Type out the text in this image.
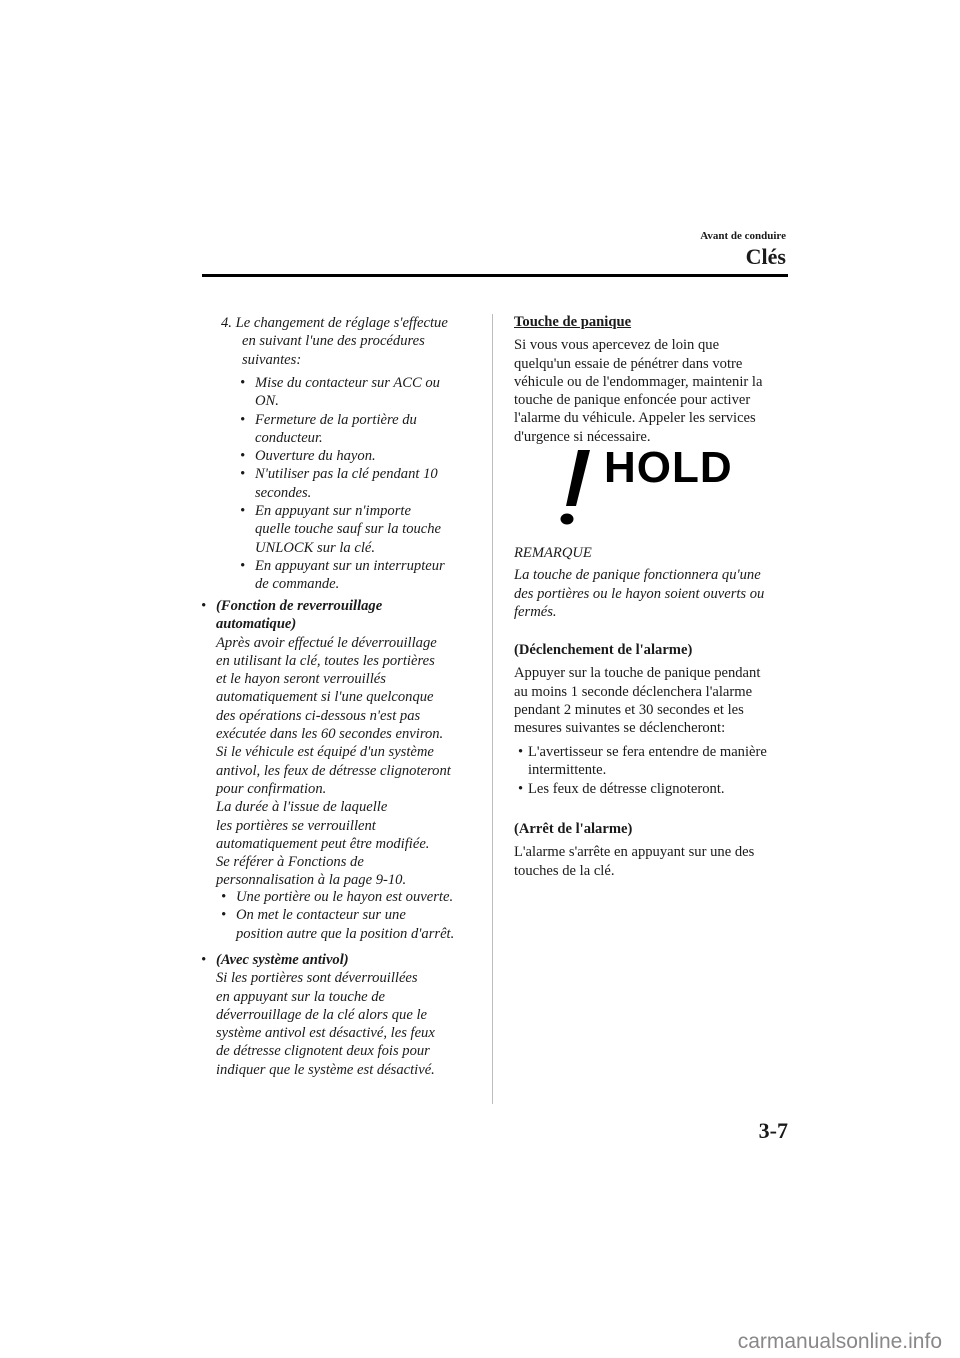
Avant de conduire
Clés

4. Le changement de réglage s'effectue

en suivant l'une des procédures

suivantes:

• Mise du contacteur sur ACC ou

ON.

• Fermeture de la portière du

conducteur.

• Ouverture du hayon.

• N'utiliser pas la clé pendant 10

secondes.

• En appuyant sur n'importe

quelle touche sauf sur la touche

UNLOCK sur la clé.

• En appuyant sur un interrupteur

de commande.

• (Fonction de reverrouillage

automatique)

Après avoir effectué le déverrouillage

en utilisant la clé, toutes les portières

et le hayon seront verrouillés

automatiquement si l'une quelconque

des opérations ci-dessous n'est pas

exécutée dans les 60 secondes environ.

Si le véhicule est équipé d'un système

antivol, les feux de détresse clignoteront

pour confirmation.

La durée à l'issue de laquelle

les portières se verrouillent

automatiquement peut être modifiée.

Se référer à Fonctions de

personnalisation à la page 9-10.

• Une portière ou le hayon est ouverte.

• On met le contacteur sur une

position autre que la position d'arrêt.

• (Avec système antivol)

Si les portières sont déverrouillées

en appuyant sur la touche de

déverrouillage de la clé alors que le

système antivol est désactivé, les feux

de détresse clignotent deux fois pour

indiquer que le système est désactivé.

Touche de panique

Si vous vous apercevez de loin que

quelqu'un essaie de pénétrer dans votre

véhicule ou de l'endommager, maintenir la

touche de panique enfoncée pour activer

l'alarme du véhicule. Appeler les services

d'urgence si nécessaire.

HOLD

REMARQUE

La touche de panique fonctionnera qu'une

des portières ou le hayon soient ouverts ou

fermés.

(Déclenchement de l'alarme)

Appuyer sur la touche de panique pendant

au moins 1 seconde déclenchera l'alarme

pendant 2 minutes et 30 secondes et les

mesures suivantes se déclencheront:

• L'avertisseur se fera entendre de manière

intermittente.

• Les feux de détresse clignoteront.

(Arrêt de l'alarme)

L'alarme s'arrête en appuyant sur une des

touches de la clé.

3-7
carmanualsonline.info
